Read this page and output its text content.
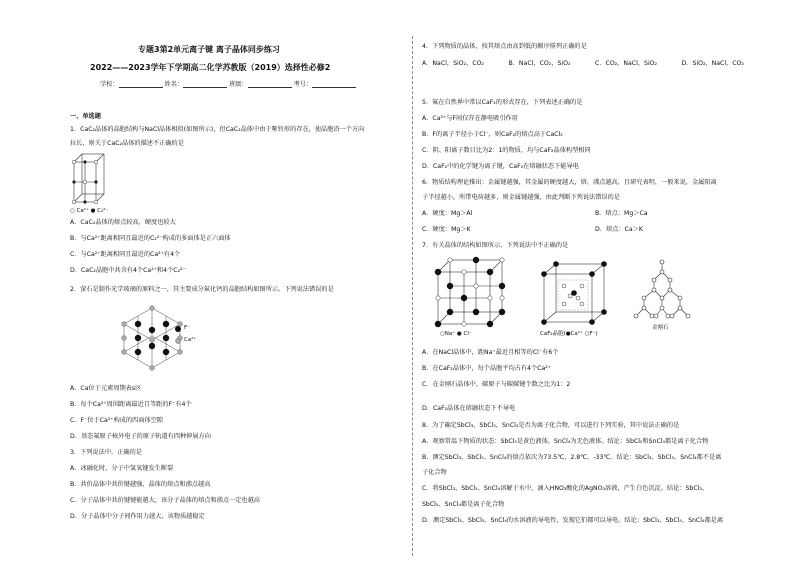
专题3第2单元离子键 离子晶体同步练习
2022——2023学年下学期高二化学苏教版（2019）选择性必修2
学校：	姓名：	班级：	考号：
一、单选题
1．CaC₂晶体的晶胞结构与NaCl晶体相似(如图所示)，但CaC₂晶体中由于哑铃形的存在，使晶胞沿一个方向
拉长，则关于CaC₂晶体的描述不正确的是
○ Ca²⁺ ● C₂²⁻
A．CaC₂晶体的熔点较高，硬度也较大
B．与Ca²⁺距离相同且最近的C₂²⁻构成的多面体是正六面体
C．与Ca²⁺距离相同且最近的Ca²⁺有4个
D．CaC₂晶胞中共含有4个Ca²⁺和4个C₂²⁻
2．萤石是制作光学玻璃的原料之一，其主要成分氟化钙的晶胞结构如图所示。下列说法错误的是
F⁻
Ca²⁺
A．Ca位于元素周期表s区
B．每个Ca²⁺周围距离最近且等距的F⁻有4个
C．F⁻位于Ca²⁺构成的四面体空隙
D．基态氟原子核外电子的原子轨道有四种伸展方向
3．下列说法中，正确的是
A．冰融化时，分子中氢氧键发生断裂
B．共价晶体中共价键越强，晶体的熔点和沸点越高
C．分子晶体中共价键键能越大，该分子晶体的熔点和沸点一定也越高
D．分子晶体中分子间作用力越大，该物质越稳定
4．下列物质的晶体，按其熔点由高到低的顺序排列正确的是
A．NaCl，SiO₂，CO₂	B．NaCl，CO₂，SiO₂	C．CO₂，NaCl，SiO₂	D．SiO₂，NaCl，CO₂
5．氟在自然界中常以CaF₂的形式存在，下列表述正确的是
A．Ca²⁺与F间仅存在静电吸引作用
B．F的离子半径小于Cl⁻，则CaF₂的熔点高于CaCl₂
C．阴、阳离子数目比为2：1的物质，均与CaF₂晶体构型相同
D．CaF₂中的化学键为离子键，CaF₂在熔融状态下能导电
6．物质结构理论推出：金属键越强，其金属的硬度越大，熔、沸点越高，且研究表明，一般来说，金属阳离
子半径越小，所带电荷越多，则金属键越强，由此判断下列说法错误的是
A．硬度：Mg＞Al	B．熔点：Mg＞Ca
C．硬度：Mg＞K	D．熔点：Ca＞K
7．有关晶体的结构如图所示，下列说法中不正确的是
○Na⁺ ● Cl⁻	CaF₂晶胞(●Ca²⁺ ○F⁻)
金刚石
A．在NaCl晶体中，距Na⁺最近且相等的Cl⁻有6个
B．在CaF₂晶体中，每个晶胞平均占有4个Ca²⁺
C．在金刚石晶体中，碳原子与碳碳键个数之比为1：2
D．CaF₂晶体在熔融状态下不导电
8．为了确定SbCl₃、SbCl₅、SnCl₄是否为离子化合物，可以进行下列实验，其中说法正确的是
A．观察常温下物质的状态：SbCl₅是黄色液体，SnCl₄为无色液体。结论：SbCl₅和SnCl₄都是离子化合物
B．测定SbCl₃、SbCl₅、SnCl₄的熔点依次为73.5℃、2.8℃、-33℃。结论：SbCl₃、SbCl₅、SnCl₄都不是离
子化合物
C．将SbCl₃、SbCl₅、SnCl₄溶解于水中，滴入HNO₃酸化的AgNO₃溶液，产生白色沉淀。结论：SbCl₃、
SbCl₅、SnCl₄都是离子化合物
D．测定SbCl₃、SbCl₅、SnCl₄的水溶液的导电性，发现它们都可以导电。结论：SbCl₃、SbCl₅、SnCl₄都是离
